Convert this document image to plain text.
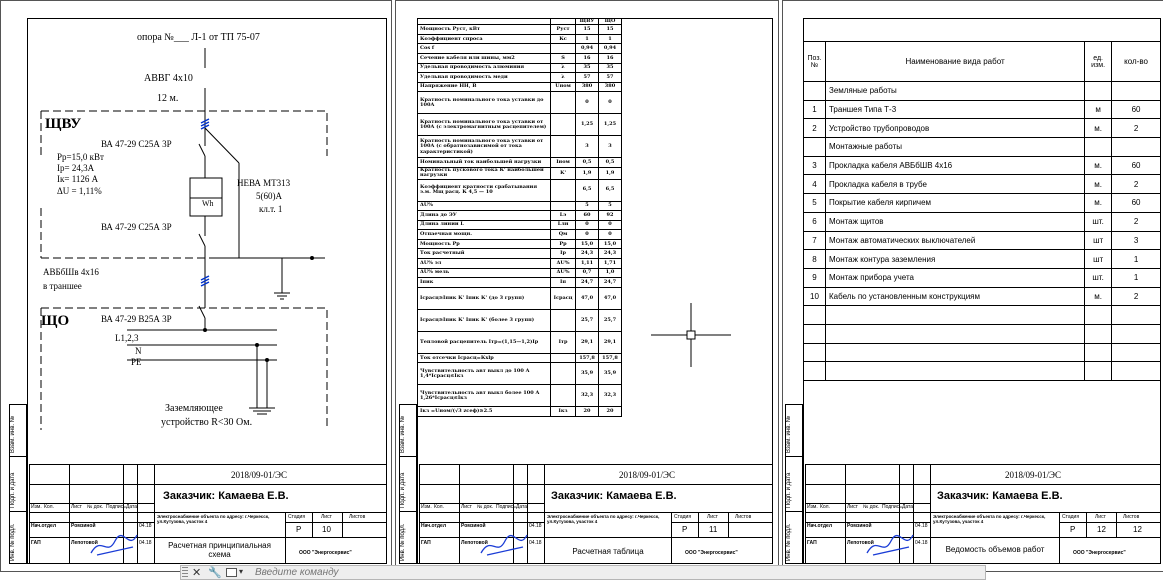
Инв. № подл.
Подп. и дата
Взам. инв. №
опора №___ Л-1 от ТП 75-07
АВВГ 4х10
12 м.
ЩВУ
ВА 47-29 С25А 3Р
Рр=15,0 кВт
Iр= 24,3А
Iк= 1126 А
ΔU = 1,11%
Wh
НЕВА МТ313
5(60)А
кл.т. 1
ВА 47-29 С25А 3Р
АВБбШв 4х16
в траншее
ЩО	ВА 47-29 В25А 3Р
L1,2,3
N
PE
Заземляющее
устройство R<30 Ом.
2018/09-01/ЭС
Заказчик: Камаева Е.В.
Изм. Кол.	Лист № док. Подпись Дата
Нач.отдел	Ромзиной	04.18
ГАП	Лепотовой	04.18
Электроснабжение объекта по адресу: г.Черкесск, ул.Кутузова, участок 4
Стадия	Лист	Листов
Р	10
Расчетная принципиальная схема	ООО "Энергосервис"	Инв. № подл.
Подп. и дата
Взам. инв. №
		ЩВУ	ЩО
Мощность Руст, кВт	Руст	15	15
Коэффициент спроса	Кс	1	1
Cos f		0,94	0,94
Сечение кабеля или шины, мм2	S	16	16
Удельная проводимость алюминия	λ	35	35
Удельная проводимость меди	λ	57	57
Напряжение НН, В	Uном	380	380
Кратность номинального тока уставки до 100А		0	0
Кратность номинального тока уставки от 100А (с электромагнитным расцепителем)		1,25	1,25
Кратность номинального тока уставки от 100А (с обратнозависимой от тока характеристикой)		3	3
Номинальный ток наибольшей нагрузки	Iном	0,5	0,5
Кратность пускового тока К' наибольшей нагрузки	K'	1,9	1,9
Коэффициент кратности срабатывания э.м. Мщ расц. К 4,5 — 10		6,5	6,5
ΔU%		5	5
Длина до ЭУ	Lэ	60	92
Длина линии L	Lлн	0	0
Отпаечная мощн.	Qм	0	0
Мощность Рр	Рр	15,0	15,0
Ток расчетный	Iр	24,3	24,3
ΔU% эл	ΔU%	1,11	1,71
ΔU% мель	ΔU%	0,7	1,0
Iпик	Iп	24,7	24,7
Iсрасц≥Iпик К' Iпик К' (до 3 групп)	Iсрасц	47,0	47,0
Iсрасц≥Iпик К' Iпик К' (более 3 групп)		25,7	25,7
Тепловой расцепитель Iтр=(1,15—1,2)Iр	Iтр	29,1	29,1
Ток отсечки Iсрасц=Кхlр		157,8	157,8
Чувствительность авт выкл до 100 А 1,4*Iсрасц≤Iкз		35,9	35,9
Чувствительность авт выкл более 100 А 1,26*Iсрасц≤Iкз		32,3	32,3
Iкз =Uном/(√3 zсеф)≥2.5	Iкз	20	20
2018/09-01/ЭС
Заказчик: Камаева Е.В.
Изм. Кол.	Лист № док. Подпись Дата
Нач.отдел	Ромзиной	04.18
ГАП	Лепотовой	04.18
Электроснабжение объекта по адресу: г.Черкесск, ул.Кутузова, участок 4
Стадия	Лист	Листов
Р	11
Расчетная таблица	ООО "Энергосервис"	Инв. № подл.
Подп. и дата
Взам. инв. №
Поз. №	Наименование вида работ	ед. изм.	кол-во
	Земляные работы		
1	Траншея Типа Т-3	м	60
2	Устройство трубопроводов	м.	2
	Монтажные работы		
3	Прокладка кабеля АВБбШВ 4х16	м.	60
4	Прокладка кабеля в трубе	м.	2
5	Покрытие кабеля кирпичем	м.	60
6	Монтаж щитов	шт.	2
7	Монтаж автоматических выключателей	шт	3
8	Монтаж контура заземления	шт	1
9	Монтаж прибора учета	шт.	1
10	Кабель по установленным конструкциям	м.	2

2018/09-01/ЭС
Заказчик: Камаева Е.В.
Изм. Кол.	Лист № док. Подпись Дата
Нач.отдел	Ромзиной	04.18
ГАП	Лепотовой	04.18
Электроснабжение объекта по адресу: г.Черкесск, ул.Кутузова, участок 4
Стадия	Лист	Листов
Р	12	12
Ведомость объемов работ	ООО "Энергосервис"
✕ 🔧 ▾
Введите команду
